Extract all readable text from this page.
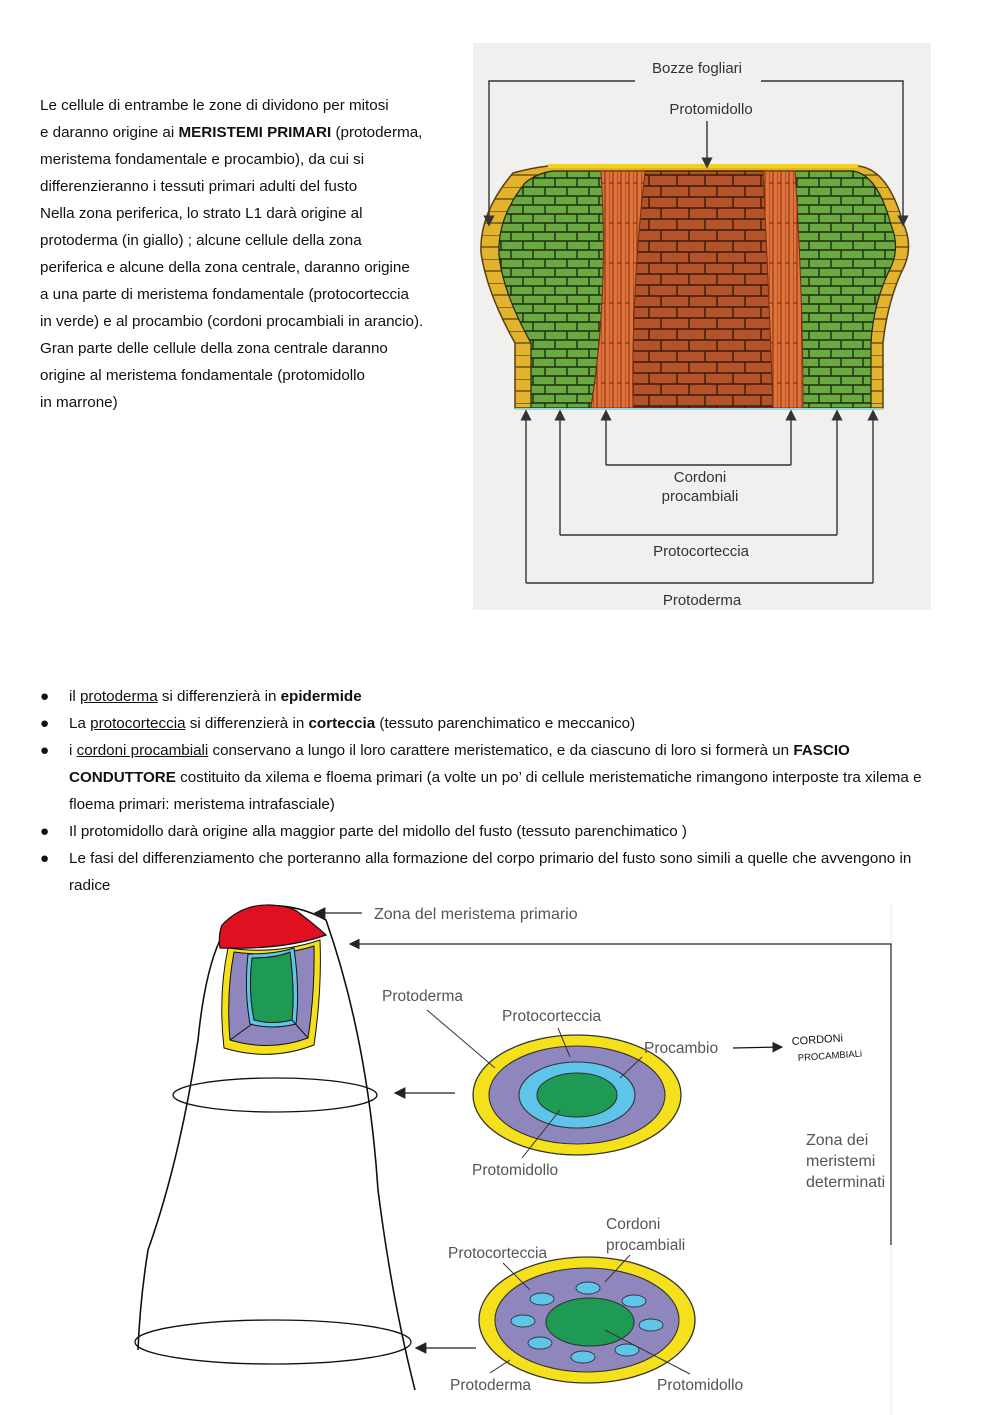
Le cellule di entrambe le zone di dividono per mitosi

e daranno origine ai MERISTEMI PRIMARI (protoderma,

meristema fondamentale e procambio), da cui si

differenzieranno i tessuti primari adulti del fusto

Nella zona periferica, lo strato L1 darà origine al

protoderma (in giallo) ; alcune cellule della zona

periferica e alcune della zona centrale, daranno origine

a una parte di meristema fondamentale (protocorteccia

in verde) e al procambio (cordoni procambiali in arancio).

Gran parte delle cellule della zona centrale daranno

origine al meristema fondamentale (protomidollo

in marrone)

Bozze fogliari
Protomidollo
Cordoni
procambiali
Protocorteccia
Protoderma
● il protoderma si differenzierà in epidermide
● La protocorteccia si differenzierà in corteccia (tessuto parenchimatico e meccanico)
● i cordoni procambiali conservano a lungo il loro carattere meristematico, e da ciascuno di loro si formerà un FASCIO CONDUTTORE costituito da xilema e floema primari (a volte un po’ di cellule meristematiche rimangono interposte tra xilema e floema primari: meristema intrafasciale)
● Il protomidollo darà origine alla maggior parte del midollo del fusto (tessuto parenchimatico )
● Le fasi del differenziamento che porteranno alla formazione del corpo primario del fusto sono simili a quelle che avvengono in radice
Zona del meristema primario
Protoderma
Protocorteccia
Procambio	CORDONi
PROCAMBIALi
Protomidollo
Zona dei
meristemi
determinati
Cordoni
procambiali
Protocorteccia
Protoderma	Protomidollo
